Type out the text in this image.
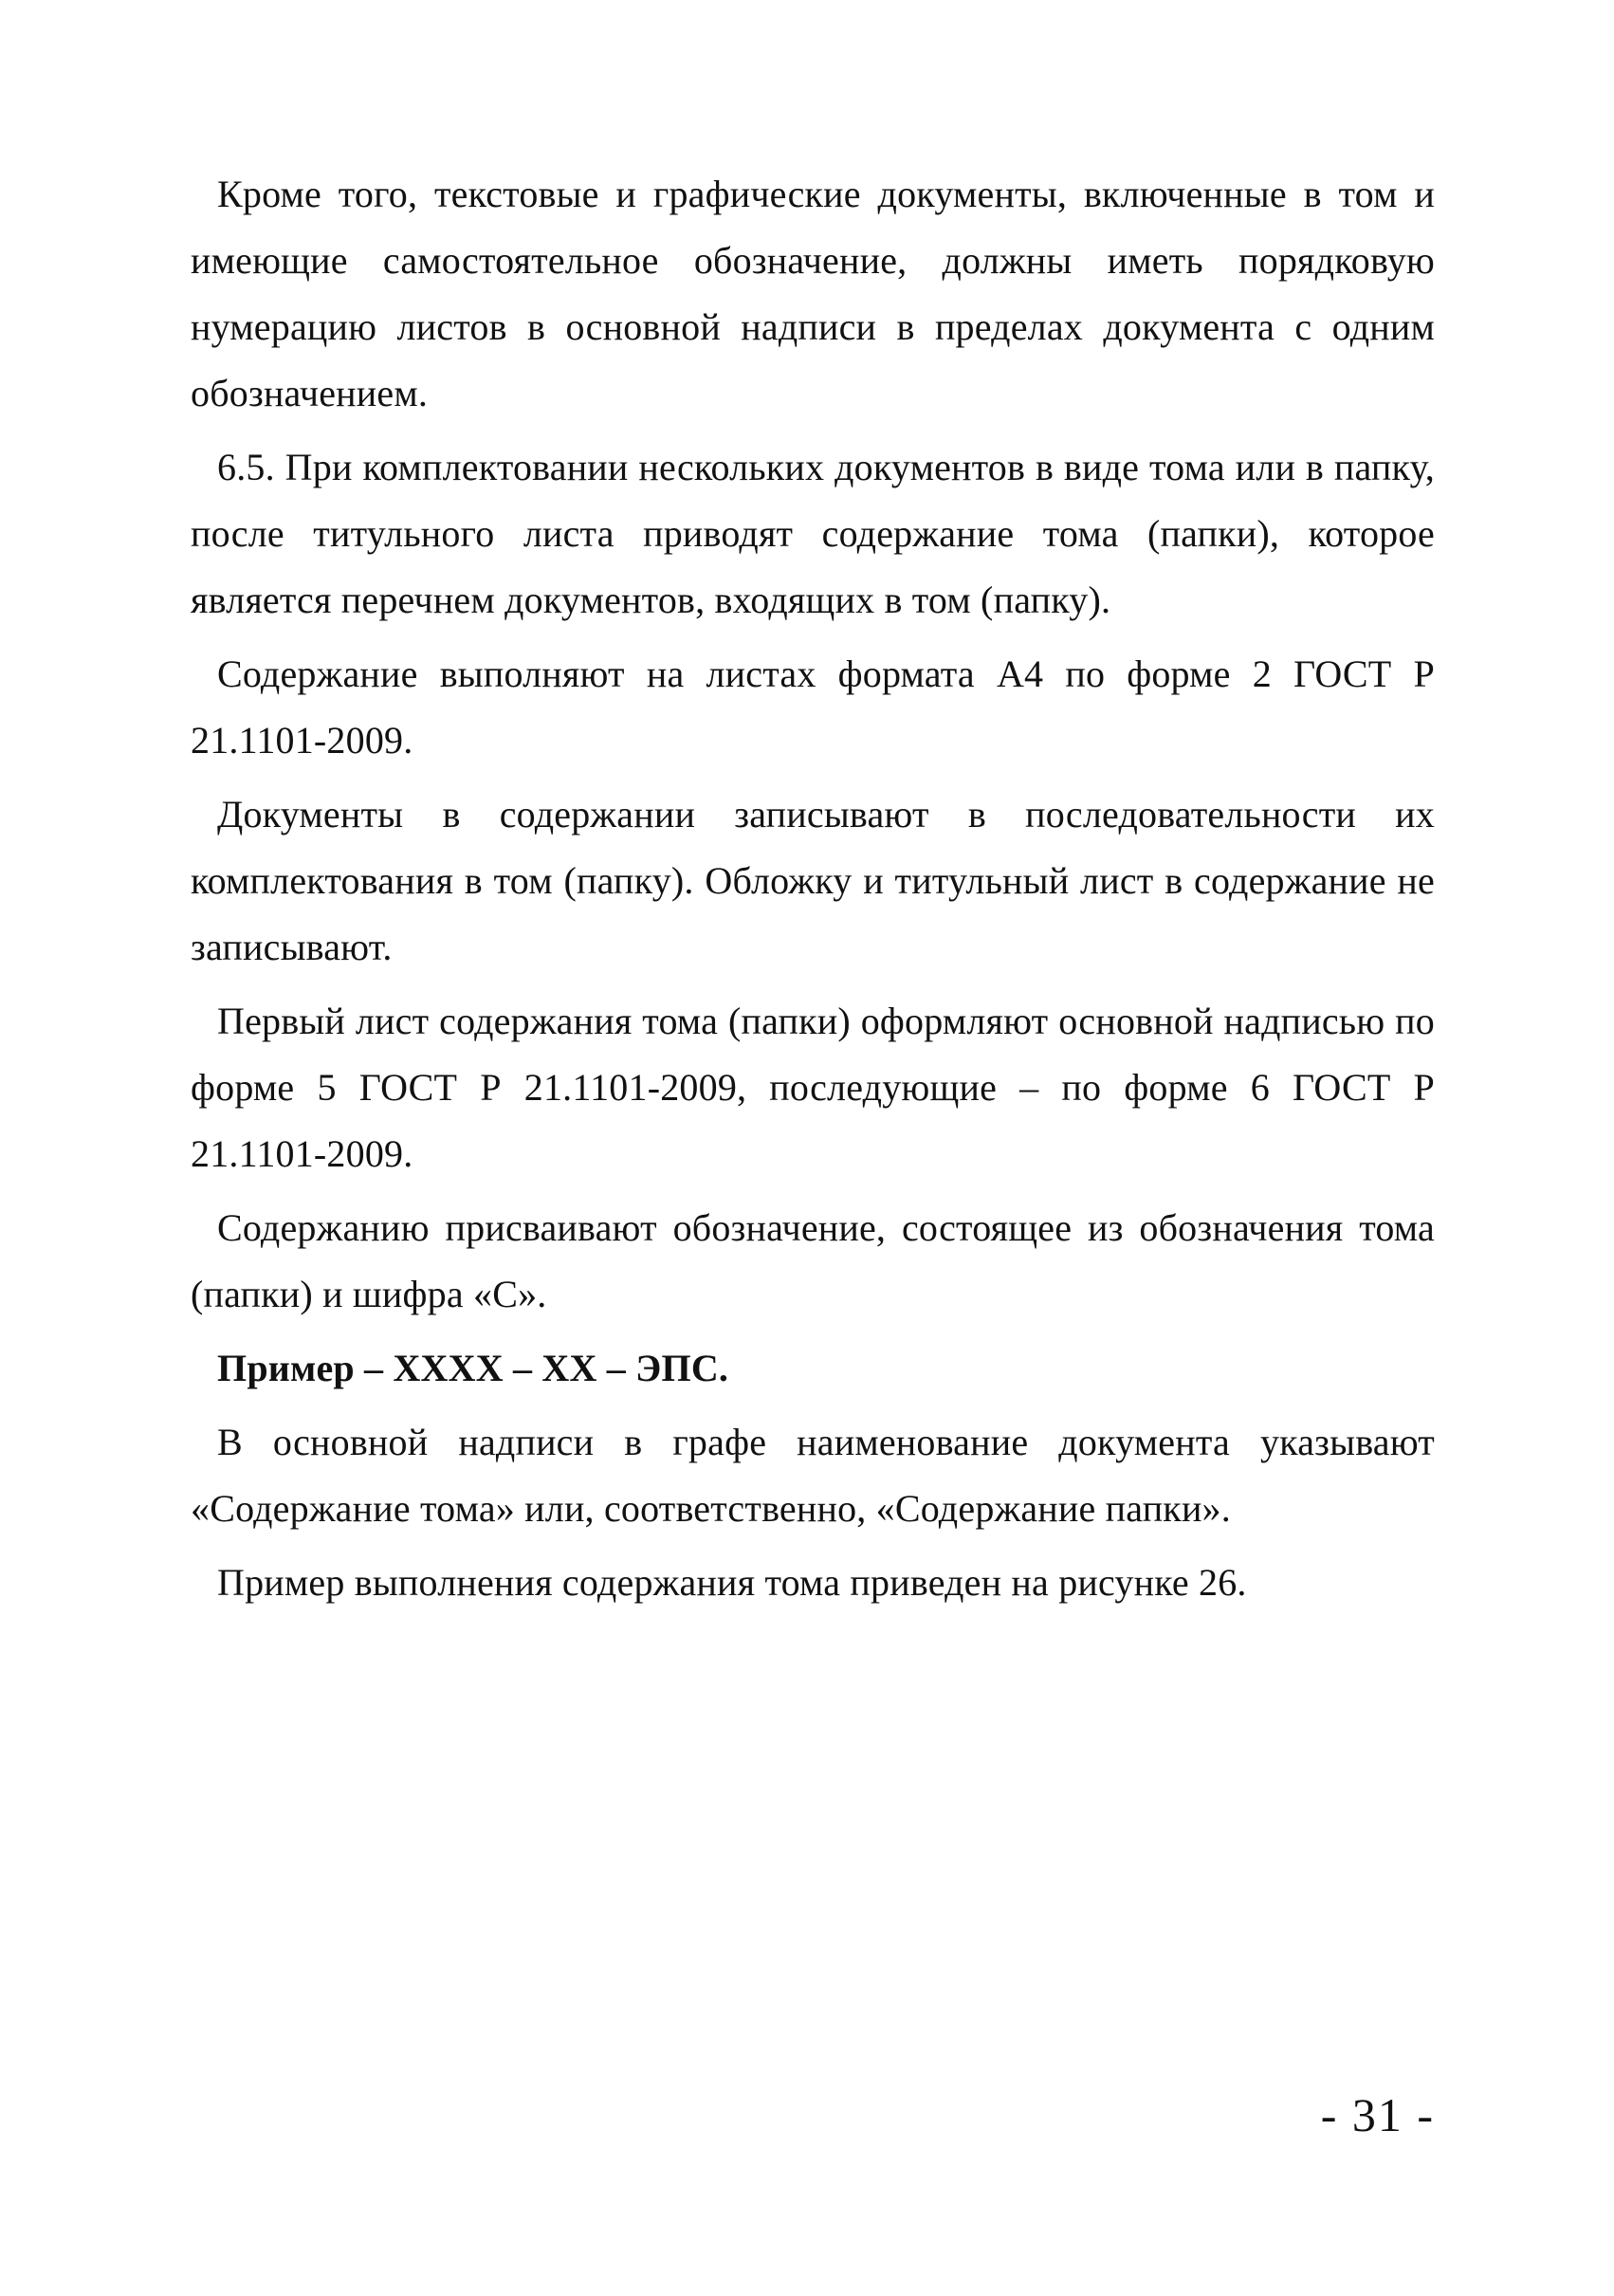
Кроме того, текстовые и графические документы, включенные в том и имеющие самостоятельное обозначение, должны иметь порядковую нумерацию листов в основной надписи в пределах документа с одним обозначением.

6.5. При комплектовании нескольких документов в виде тома или в папку, после титульного листа приводят содержание тома (папки), которое является перечнем документов, входящих в том (папку).

Содержание выполняют на листах формата А4 по форме 2 ГОСТ Р 21.1101-2009.

Документы в содержании записывают в последовательности их комплектования в том (папку). Обложку и титульный лист в содержание не записывают.

Первый лист содержания тома (папки) оформляют основной надписью по форме 5 ГОСТ Р 21.1101-2009, последующие – по форме 6 ГОСТ Р 21.1101-2009.

Содержанию присваивают обозначение, состоящее из обозначения тома (папки) и шифра «С».

Пример – ХХХХ – ХХ – ЭПС.

В основной надписи в графе наименование документа указывают «Содержание тома» или, соответственно, «Содержание папки».

Пример выполнения содержания тома приведен на рисунке 26.

- 31 -
